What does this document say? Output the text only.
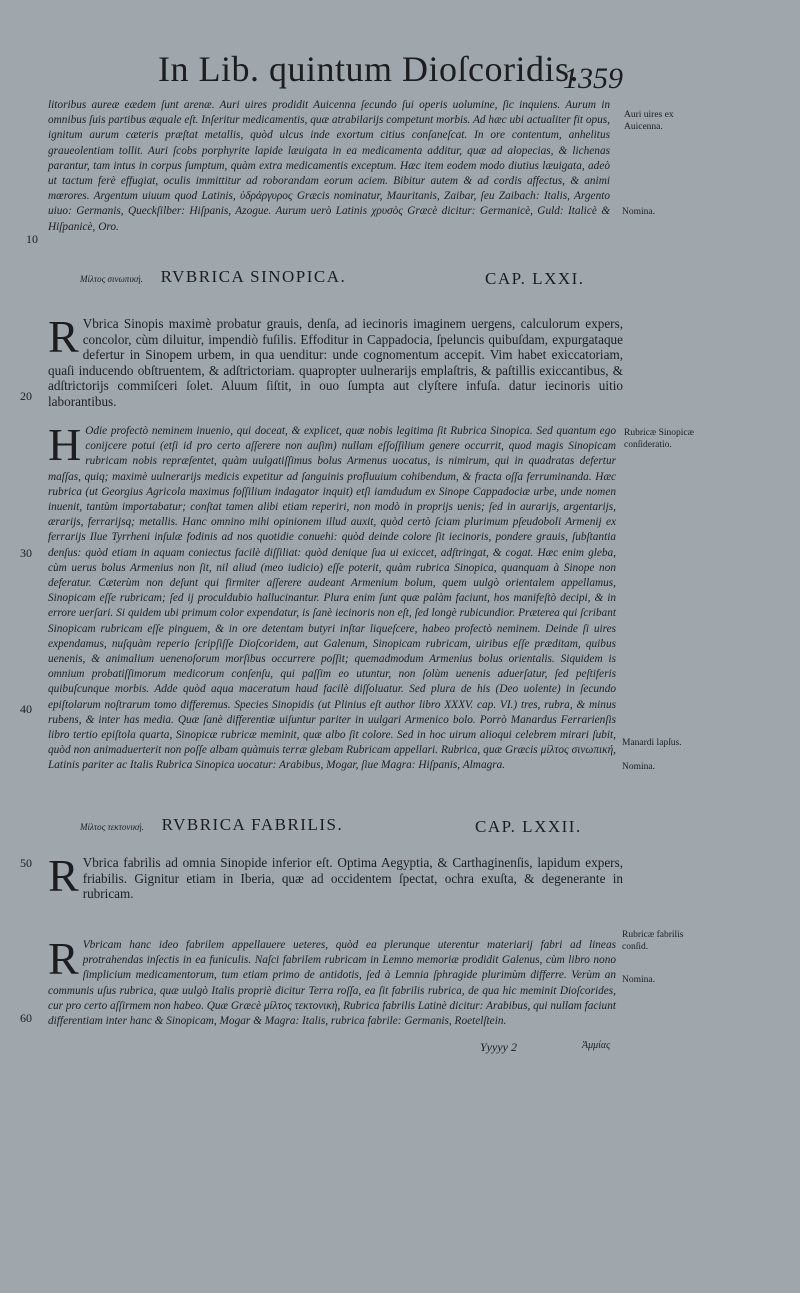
In Lib. quintum Dioſcoridis.
1359
litoribus aureæ eædem ſunt arenæ. Auri uires prodidit Auicenna ſecundo ſui operis uolumine, ſic inquiens. Aurum in omnibus ſuis partibus æquale eſt. Inſeritur medicamentis, quæ atrabilarijs competunt morbis. Ad hæc ubi actualiter fit opus, ignitum aurum cæteris præſtat metallis, quòd ulcus inde exortum citius conſaneſcat. In ore contentum, anhelitus graueolentiam tollit. Auri ſcobs porphyrite lapide læuigata in ea medicamenta additur, quæ ad alopecias, & lichenas parantur, tam intus in corpus ſumptum, quàm extra medicamentis exceptum. Hæc item eodem modo diutius læuigata, adeò ut tactum ferè effugiat, oculis immittitur ad roborandam eorum aciem. Bibitur autem & ad cordis affectus, & animi mœrores. Argentum uiuum quod Latinis, ὑδράργυρος Græcis nominatur, Mauritanis, Zaibar, ſeu Zaibach: Italis, Argento uiuo: Germanis, Queckſilber: Hiſpanis, Azogue. Aurum uerò Latinis χρυσὸς Græcè dicitur: Germanicè, Guld: Italicè & Hiſpanicè, Oro.
10
20
30
40
50
60
Μίλτος σινωπική. RVBRICA SINOPICA.	CAP. LXXI.
R Vbrica Sinopis maximè probatur grauis, denſa, ad iecinoris imaginem uergens, calculorum expers, concolor, cùm diluitur, impendiò fuſilis. Effoditur in Cappadocia, ſpeluncis quibuſdam, expurgataque defertur in Sinopem urbem, in qua uenditur: unde cognomentum accepit. Vim habet exiccatoriam, quaſi inducendo obſtruentem, & adſtrictoriam. quapropter uulnerarijs emplaſtris, & paſtillis exiccantibus, & adſtrictorijs commiſceri ſolet. Aluum ſiſtit, in ouo ſumpta aut clyſtere infuſa. datur iecinoris uitio laborantibus.
H Odie profectò neminem inuenio, qui doceat, & explicet, quæ nobis legitima ſit Rubrica Sinopica. Sed quantum ego conijcere potui (etſi id pro certo aſſerere non auſim) nullam eſſoſſilium genere occurrit, quod magis Sinopicam rubricam nobis repræſentet, quàm uulgatiſſimus bolus Armenus uocatus, is nimirum, qui in quadratas defertur maſſas, quiq; maximè uulnerarijs medicis expetitur ad ſanguinis profluuium cohibendum, & fracta oſſa ferruminanda. Hæc rubrica (ut Georgius Agricola maximus foſſilium indagator inquit) etſi iamdudum ex Sinope Cappadociæ urbe, unde nomen inuenit, tantùm importabatur; conſtat tamen alibi etiam reperiri, non modò in proprijs uenis; ſed in aurarijs, argentarijs, ærarijs, ferrarijsq; metallis. Hanc omnino mihi opinionem illud auxit, quòd certò ſciam plurimum pſeudoboli Armenij ex ferrarijs Ilue Tyrrheni inſulæ fodinis ad nos quotidie conuehi: quòd deinde colore ſit iecinoris, pondere grauis, ſubſtantia denſus: quòd etiam in aquam coniectus facilè diſſiliat: quòd denique ſua ui exiccet, adſtringat, & cogat. Hæc enim gleba, cùm uerus bolus Armenius non ſit, nil aliud (meo iudicio) eſſe poterit, quàm rubrica Sinopica, quanquam à Sinope non deferatur. Cæterùm non deſunt qui firmiter aſſerere audeant Armenium bolum, quem uulgò orientalem appellamus, Sinopicam eſſe rubricam; ſed ij proculdubio hallucinantur. Plura enim ſunt quæ palàm faciunt, hos manifeſtò decipi, & in errore uerſari. Si quidem ubi primum color expendatur, is ſanè iecinoris non eſt, ſed longè rubicundior. Præterea qui ſcribant Sinopicam rubricam eſſe pinguem, & in ore detentam butyri inſtar liqueſcere, habeo profectò neminem. Deinde ſi uires expendamus, nuſquàm reperio ſcripſiſſe Dioſcoridem, aut Galenum, Sinopicam rubricam, uiribus eſſe præditam, quibus uenenis, & animalium uenenoſorum morſibus occurrere poſſit; quemadmodum Armenius bolus orientalis. Siquidem is omnium probatiſſimorum medicorum conſenſu, qui paſſim eo utuntur, non ſolùm uenenis aduerſatur, ſed peſtiferis quibuſcunque morbis. Adde quòd aqua maceratum haud facilè diſſoluatur. Sed plura de his (Deo uolente) in ſecundo epiſtolarum noſtrarum tomo differemus. Species Sinopidis (ut Plinius eſt author libro XXXV. cap. VI.) tres, rubra, & minus rubens, & inter has media. Quæ ſanè differentiæ uiſuntur pariter in uulgari Armenico bolo. Porrò Manardus Ferrarienſis libro tertio epiſtola quarta, Sinopicæ rubricæ meminit, quæ albo ſit colore. Sed in hoc uirum alioqui celebrem mirari ſubit, quòd non animaduerterit non poſſe albam quàmuis terræ glebam Rubricam appellari. Rubrica, quæ Græcis μίλτος σινωπική, Latinis pariter ac Italis Rubrica Sinopica uocatur: Arabibus, Mogar, ſiue Magra: Hiſpanis, Almagra.
Μίλτος τεκτονική. RVBRICA FABRILIS.	CAP. LXXII.
R Vbrica fabrilis ad omnia Sinopide inferior eſt. Optima Aegyptia, & Carthaginenſis, lapidum expers, friabilis. Gignitur etiam in Iberia, quæ ad occidentem ſpectat, ochra exuſta, & degenerante in rubricam.
R Vbricam hanc ideo fabrilem appellauere ueteres, quòd ea plerunque uterentur materiarij fabri ad lineas protrahendas inſectis in ea funiculis. Naſci fabrilem rubricam in Lemno memoriæ prodidit Galenus, cùm libro nono ſimplicium medicamentorum, tum etiam primo de antidotis, ſed à Lemnia ſphragide plurimùm differre. Verùm an communis uſus rubrica, quæ uulgò Italis propriè dicitur Terra roſſa, ea ſit fabrilis rubrica, de qua hic meminit Dioſcorides, cur pro certo aſſirmem non habeo. Quæ Græcè μίλτος τεκτονικὴ, Rubrica fabrilis Latinè dicitur: Arabibus, qui nullam faciunt differentiam inter hanc & Sinopicam, Mogar & Magra: Italis, rubrica fabrile: Germanis, Roetelſtein.
Auri uires ex Auicenna.
Nomina.
Rubricæ Sinopicæ conſideratio.
Manardi lapſus.
Nomina.
Rubricæ fabrilis conſid.
Nomina.
Yyyyy 2	Ἀμμίας
